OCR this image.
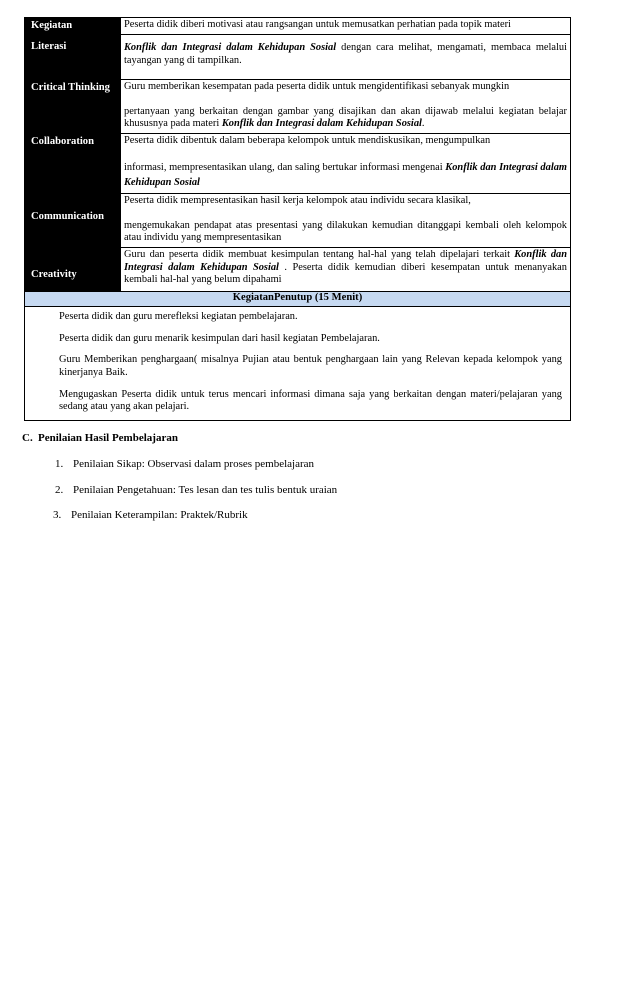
Kegiatan	Peserta didik diberi motivasi atau rangsangan untuk memusatkan perhatian pada topik materi

Literasi	Konflik dan Integrasi dalam Kehidupan Sosial dengan cara melihat, mengamati, membaca melalui tayangan yang di tampilkan.

Critical Thinking	Guru memberikan kesempatan pada peserta didik untuk mengidentifikasi sebanyak mungkin

pertanyaan yang berkaitan dengan gambar yang disajikan dan akan dijawab melalui kegiatan belajar khususnya pada materi Konflik dan Integrasi dalam Kehidupan Sosial.

Collaboration	Peserta didik dibentuk dalam beberapa kelompok untuk mendiskusikan, mengumpulkan

informasi, mempresentasikan ulang, dan saling bertukar informasi mengenai Konflik dan Integrasi dalam Kehidupan Sosial

Communication	Peserta didik mempresentasikan hasil kerja kelompok atau individu secara klasikal,

mengemukakan pendapat atas presentasi yang dilakukan kemudian ditanggapi kembali oleh kelompok atau individu yang mempresentasikan

Creativity	Guru dan peserta didik membuat kesimpulan tentang hal-hal yang telah dipelajari terkait Konflik dan Integrasi dalam Kehidupan Sosial . Peserta didik kemudian diberi kesempatan untuk menanyakan kembali hal-hal yang belum dipahami

KegiatanPenutup (15 Menit)	

Peserta didik dan guru merefleksi kegiatan pembelajaran.
Peserta didik dan guru menarik kesimpulan dari hasil kegiatan Pembelajaran.
Guru Memberikan penghargaan( misalnya Pujian atau bentuk penghargaan lain yang Relevan kepada kelompok yang kinerjanya Baik.
Mengugaskan Peserta didik untuk terus mencari informasi dimana saja yang berkaitan dengan materi/pelajaran yang sedang atau yang akan pelajari.	
C. Penilaian Hasil Pembelajaran
1. Penilaian Sikap: Observasi dalam proses pembelajaran
2. Penilaian Pengetahuan: Tes lesan dan tes tulis bentuk uraian
3. Penilaian Keterampilan: Praktek/Rubrik
